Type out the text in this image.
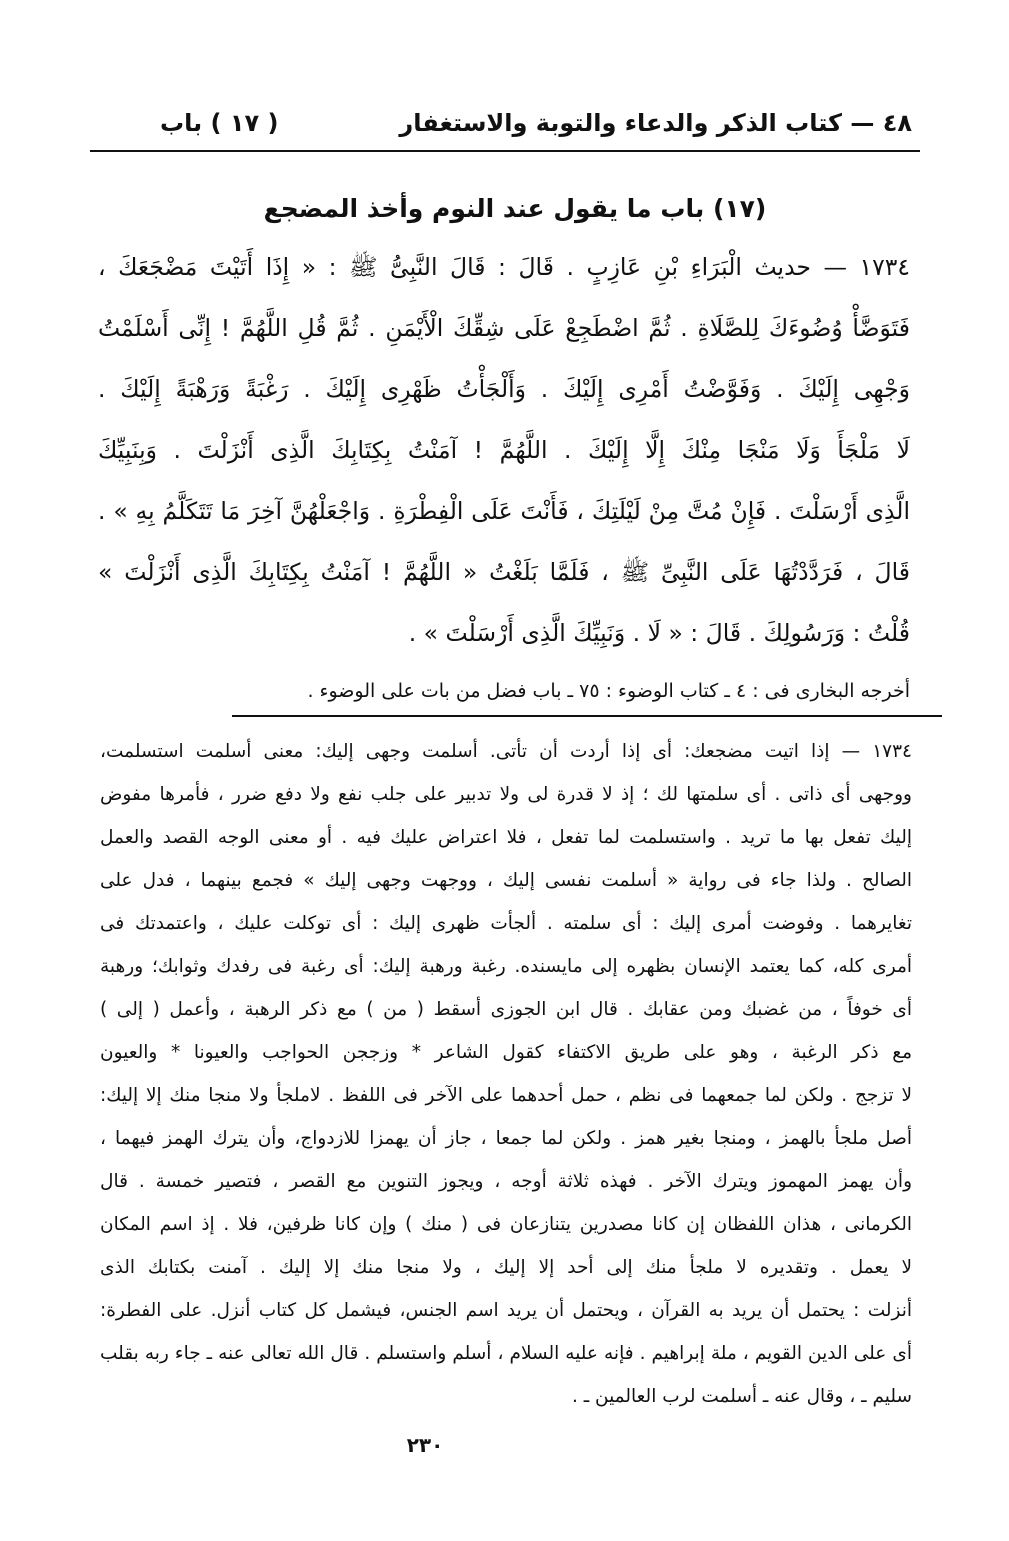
٤٨ — كتاب الذكر والدعاء والتوبة والاستغفار
( ١٧ ) باب
(١٧) باب ما يقول عند النوم وأخذ المضجع
١٧٣٤ — حديث الْبَرَاءِ بْنِ عَازِبٍ . قَالَ : قَالَ النَّبِىُّ ﷺ : « إِذَا أَتَيْتَ مَضْجَعَكَ ،
فَتَوَضَّأْ وُضُوءَكَ لِلصَّلَاةِ . ثُمَّ اضْطَجِعْ عَلَى شِقِّكَ الْأَيْمَنِ . ثُمَّ قُلِ اللَّهُمَّ ! إِنِّى أَسْلَمْتُ
وَجْهِى إِلَيْكَ . وَفَوَّضْتُ أَمْرِى إِلَيْكَ . وَأَلْجَأْتُ ظَهْرِى إِلَيْكَ . رَغْبَةً وَرَهْبَةً إِلَيْكَ .
لَا مَلْجَأَ وَلَا مَنْجَا مِنْكَ إِلَّا إِلَيْكَ . اللَّهُمَّ ! آمَنْتُ بِكِتَابِكَ الَّذِى أَنْزَلْتَ . وَبِنَبِيِّكَ
الَّذِى أَرْسَلْتَ . فَإِنْ مُتَّ مِنْ لَيْلَتِكَ ، فَأَنْتَ عَلَى الْفِطْرَةِ . وَاجْعَلْهُنَّ آخِرَ مَا تَتَكَلَّمُ بِهِ » .
قَالَ ، فَرَدَّدْتُهَا عَلَى النَّبِىِّ ﷺ ، فَلَمَّا بَلَغْتُ « اللَّهُمَّ ! آمَنْتُ بِكِتَابِكَ الَّذِى أَنْزَلْتَ »
قُلْتُ : وَرَسُولِكَ . قَالَ : « لَا . وَنَبِيِّكَ الَّذِى أَرْسَلْتَ » .
أخرجه البخارى فى : ٤ ـ كتاب الوضوء : ٧٥ ـ باب فضل من بات على الوضوء .
١٧٣٤ — إذا اتيت مضجعك: أى إذا أردت أن تأتى. أسلمت وجهى إليك: معنى أسلمت استسلمت،
ووجهى أى ذاتى . أى سلمتها لك ؛ إذ لا قدرة لى ولا تدبير على جلب نفع ولا دفع ضرر ، فأمرها مفوض
إليك تفعل بها ما تريد . واستسلمت لما تفعل ، فلا اعتراض عليك فيه . أو معنى الوجه القصد والعمل
الصالح . ولذا جاء فى رواية « أسلمت نفسى إليك ، ووجهت وجهى إليك » فجمع بينهما ، فدل على
تغايرهما . وفوضت أمرى إليك : أى سلمته . ألجأت ظهرى إليك : أى توكلت عليك ، واعتمدتك فى
أمرى كله، كما يعتمد الإنسان بظهره إلى مايسنده. رغبة ورهبة إليك: أى رغبة فى رفدك وثوابك؛ ورهبة
أى خوفاً ، من غضبك ومن عقابك . قال ابن الجوزى أسقط ( من ) مع ذكر الرهبة ، وأعمل ( إلى )
مع ذكر الرغبة ، وهو على طريق الاكتفاء كقول الشاعر * وزججن الحواجب والعيونا * والعيون
لا تزجج . ولكن لما جمعهما فى نظم ، حمل أحدهما على الآخر فى اللفظ . لاملجأ ولا منجا منك إلا إليك:
أصل ملجأ بالهمز ، ومنجا بغير همز . ولكن لما جمعا ، جاز أن يهمزا للازدواج، وأن يترك الهمز فيهما ،
وأن يهمز المهموز ويترك الآخر . فهذه ثلاثة أوجه ، ويجوز التنوين مع القصر ، فتصير خمسة . قال
الكرمانى ، هذان اللفظان إن كانا مصدرين يتنازعان فى ( منك ) وإن كانا ظرفين، فلا . إذ اسم المكان
لا يعمل . وتقديره لا ملجأ منك إلى أحد إلا إليك ، ولا منجا منك إلا إليك . آمنت بكتابك الذى
أنزلت : يحتمل أن يريد به القرآن ، ويحتمل أن يريد اسم الجنس، فيشمل كل كتاب أنزل. على الفطرة:
أى على الدين القويم ، ملة إبراهيم . فإنه عليه السلام ، أسلم واستسلم . قال الله تعالى عنه ـ جاء ربه بقلب
سليم ـ ، وقال عنه ـ أسلمت لرب العالمين ـ .
٢٣٠
